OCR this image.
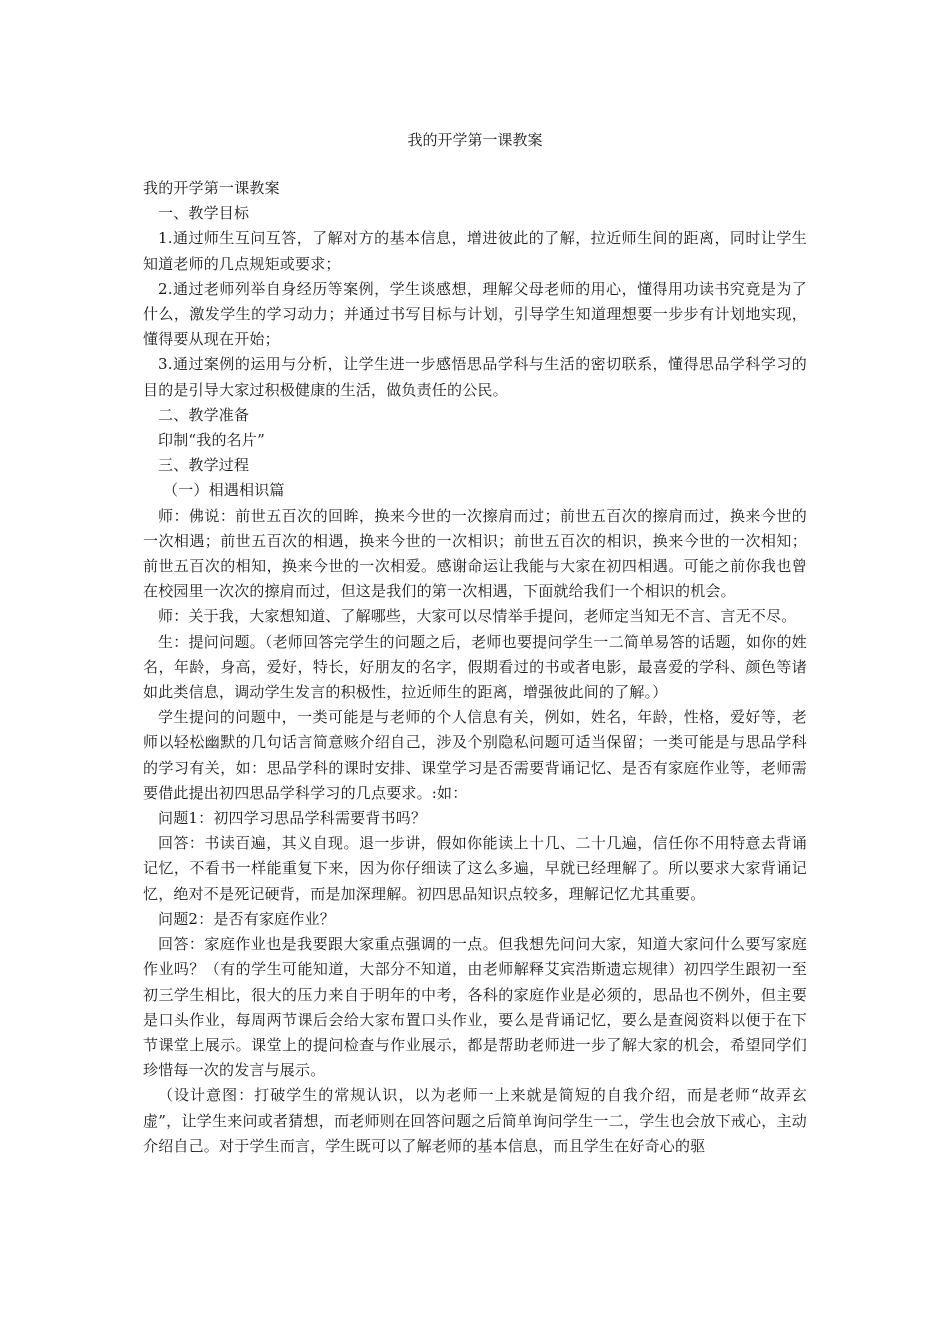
我的开学第一课教案

我的开学第一课教案

一、教学目标

1.通过师生互问互答，了解对方的基本信息，增进彼此的了解，拉近师生间的距离，同时让学生知道老师的几点规矩或要求；

2.通过老师列举自身经历等案例，学生谈感想，理解父母老师的用心，懂得用功读书究竟是为了什么，激发学生的学习动力；并通过书写目标与计划，引导学生知道理想要一步步有计划地实现，懂得要从现在开始；

3.通过案例的运用与分析，让学生进一步感悟思品学科与生活的密切联系，懂得思品学科学习的目的是引导大家过积极健康的生活，做负责任的公民。

二、教学准备

印制“我的名片”

三、教学过程

（一）相遇相识篇

师：佛说：前世五百次的回眸，换来今世的一次擦肩而过；前世五百次的擦肩而过，换来今世的一次相遇；前世五百次的相遇，换来今世的一次相识；前世五百次的相识，换来今世的一次相知；前世五百次的相知，换来今世的一次相爱。感谢命运让我能与大家在初四相遇。可能之前你我也曾在校园里一次次的擦肩而过，但这是我们的第一次相遇，下面就给我们一个相识的机会。

师：关于我，大家想知道、了解哪些，大家可以尽情举手提问，老师定当知无不言、言无不尽。

生：提问问题。（老师回答完学生的问题之后，老师也要提问学生一二简单易答的话题，如你的姓名，年龄，身高，爱好，特长，好朋友的名字，假期看过的书或者电影，最喜爱的学科、颜色等诸如此类信息，调动学生发言的积极性，拉近师生的距离，增强彼此间的了解。）

学生提问的问题中，一类可能是与老师的个人信息有关，例如，姓名，年龄，性格，爱好等，老师以轻松幽默的几句话言简意赅介绍自己，涉及个别隐私问题可适当保留；一类可能是与思品学科的学习有关，如：思品学科的课时安排、课堂学习是否需要背诵记忆、是否有家庭作业等，老师需要借此提出初四思品学科学习的几点要求。:如：

问题1：初四学习思品学科需要背书吗？

回答：书读百遍，其义自现。退一步讲，假如你能读上十几、二十几遍，信任你不用特意去背诵记忆，不看书一样能重复下来，因为你仔细读了这么多遍，早就已经理解了。所以要求大家背诵记忆，绝对不是死记硬背，而是加深理解。初四思品知识点较多，理解记忆尤其重要。

问题2：是否有家庭作业？

回答：家庭作业也是我要跟大家重点强调的一点。但我想先问问大家，知道大家问什么要写家庭作业吗？（有的学生可能知道，大部分不知道，由老师解释艾宾浩斯遗忘规律）初四学生跟初一至初三学生相比，很大的压力来自于明年的中考，各科的家庭作业是必须的，思品也不例外，但主要是口头作业，每周两节课后会给大家布置口头作业，要么是背诵记忆，要么是查阅资料以便于在下节课堂上展示。课堂上的提问检查与作业展示，都是帮助老师进一步了解大家的机会，希望同学们珍惜每一次的发言与展示。

（设计意图：打破学生的常规认识，以为老师一上来就是简短的自我介绍，而是老师“故弄玄虚”，让学生来问或者猜想，而老师则在回答问题之后简单询问学生一二，学生也会放下戒心，主动介绍自己。对于学生而言，学生既可以了解老师的基本信息，而且学生在好奇心的驱
